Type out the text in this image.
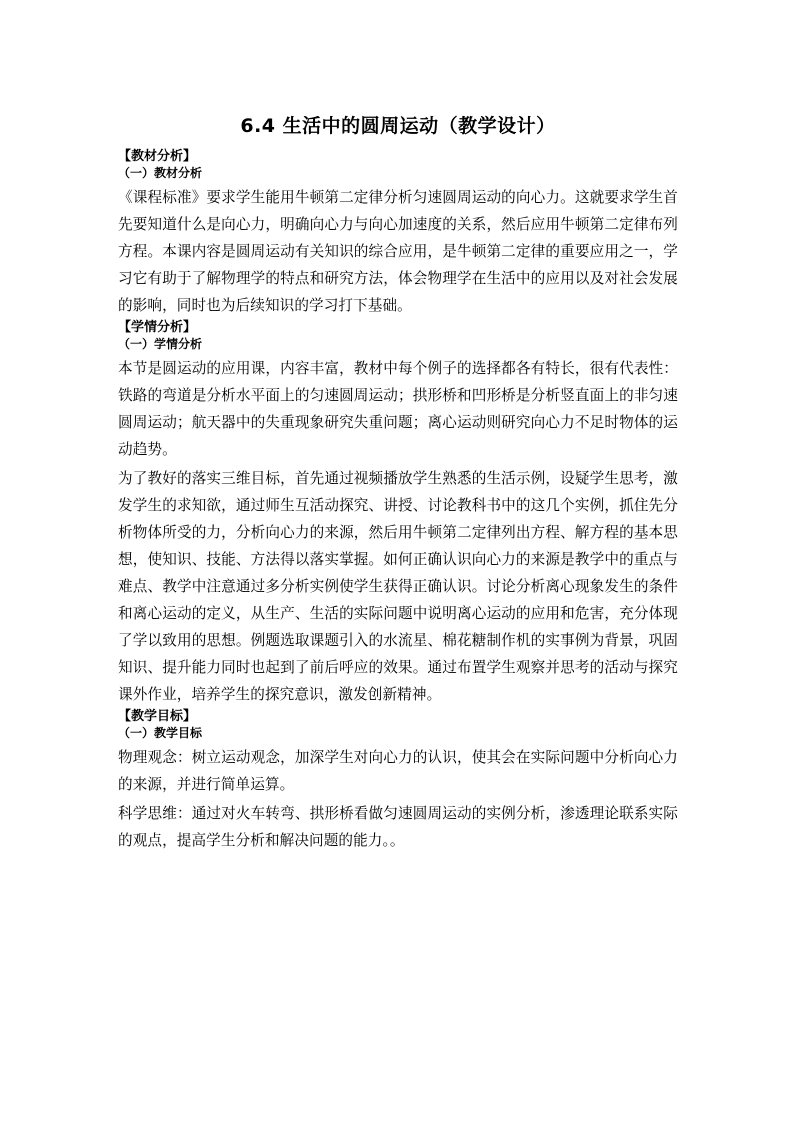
6.4 生活中的圆周运动（教学设计）

【教材分析】

（一）教材分析

《课程标准》要求学生能用牛顿第二定律分析匀速圆周运动的向心力。这就要求学生首先要知道什么是向心力，明确向心力与向心加速度的关系，然后应用牛顿第二定律布列方程。本课内容是圆周运动有关知识的综合应用，是牛顿第二定律的重要应用之一，学习它有助于了解物理学的特点和研究方法，体会物理学在生活中的应用以及对社会发展的影响，同时也为后续知识的学习打下基础。

【学情分析】

（一）学情分析

本节是圆运动的应用课，内容丰富，教材中每个例子的选择都各有特长，很有代表性：铁路的弯道是分析水平面上的匀速圆周运动；拱形桥和凹形桥是分析竖直面上的非匀速圆周运动；航天器中的失重现象研究失重问题；离心运动则研究向心力不足时物体的运动趋势。

为了教好的落实三维目标，首先通过视频播放学生熟悉的生活示例，设疑学生思考，激发学生的求知欲，通过师生互活动探究、讲授、讨论教科书中的这几个实例，抓住先分析物体所受的力，分析向心力的来源，然后用牛顿第二定律列出方程、解方程的基本思想，使知识、技能、方法得以落实掌握。如何正确认识向心力的来源是教学中的重点与难点、教学中注意通过多分析实例使学生获得正确认识。讨论分析离心现象发生的条件和离心运动的定义，从生产、生活的实际问题中说明离心运动的应用和危害，充分体现了学以致用的思想。例题选取课题引入的水流星、棉花糖制作机的实事例为背景，巩固知识、提升能力同时也起到了前后呼应的效果。通过布置学生观察并思考的活动与探究课外作业，培养学生的探究意识，激发创新精神。

【教学目标】

（一）教学目标

物理观念：树立运动观念，加深学生对向心力的认识，使其会在实际问题中分析向心力的来源，并进行简单运算。

科学思维：通过对火车转弯、拱形桥看做匀速圆周运动的实例分析，渗透理论联系实际的观点，提高学生分析和解决问题的能力。。
